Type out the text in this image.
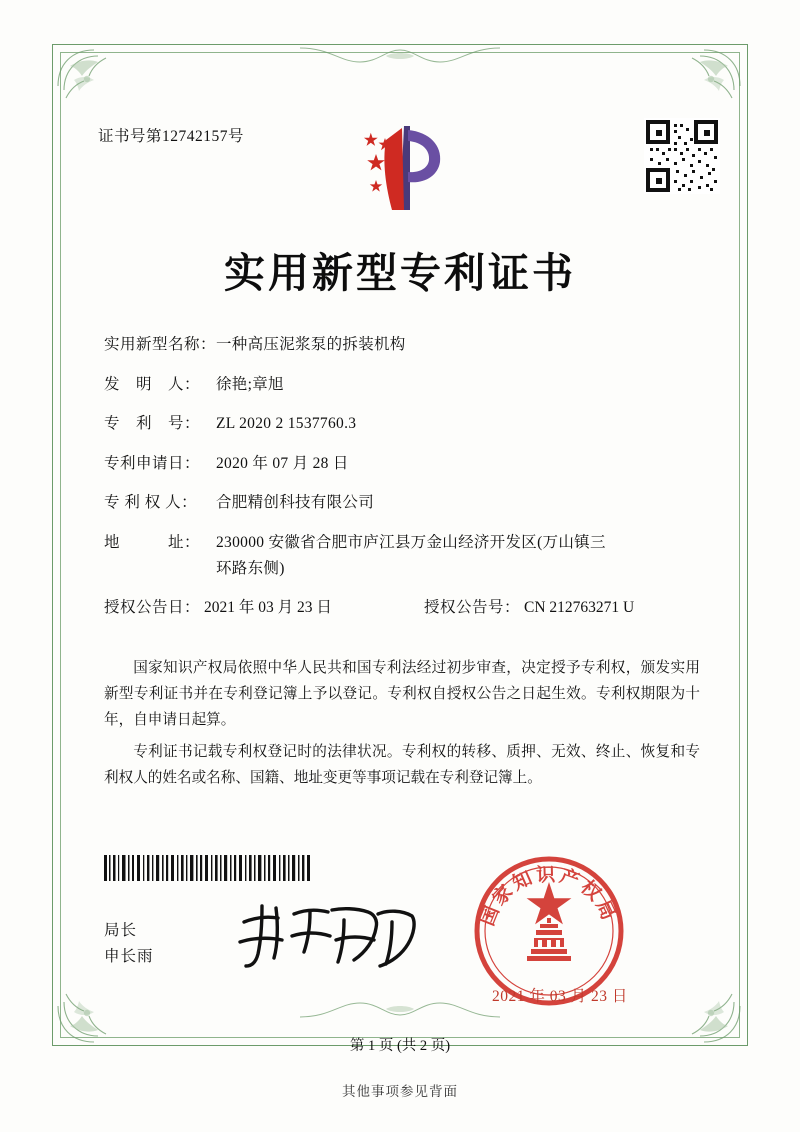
证书号第12742157号
实用新型专利证书
实用新型名称： 一种高压泥浆泵的拆装机构
发　明　人：	徐艳;章旭
专　利　号：	ZL 2020 2 1537760.3
专利申请日：	2020 年 07 月 28 日
专 利 权 人：	合肥精创科技有限公司
地　　　址：	230000 安徽省合肥市庐江县万金山经济开发区(万山镇三
环路东侧)
授权公告日： 2021 年 03 月 23 日	授权公告号： CN 212763271 U

国家知识产权局依照中华人民共和国专利法经过初步审查，决定授予专利权，颁发实用新型专利证书并在专利登记簿上予以登记。专利权自授权公告之日起生效。专利权期限为十年，自申请日起算。

专利证书记载专利权登记时的法律状况。专利权的转移、质押、无效、终止、恢复和专利权人的姓名或名称、国籍、地址变更等事项记载在专利登记簿上。

局长
申长雨
国家知识产权局
2021 年 03 月 23 日
第 1 页 (共 2 页)
其他事项参见背面
